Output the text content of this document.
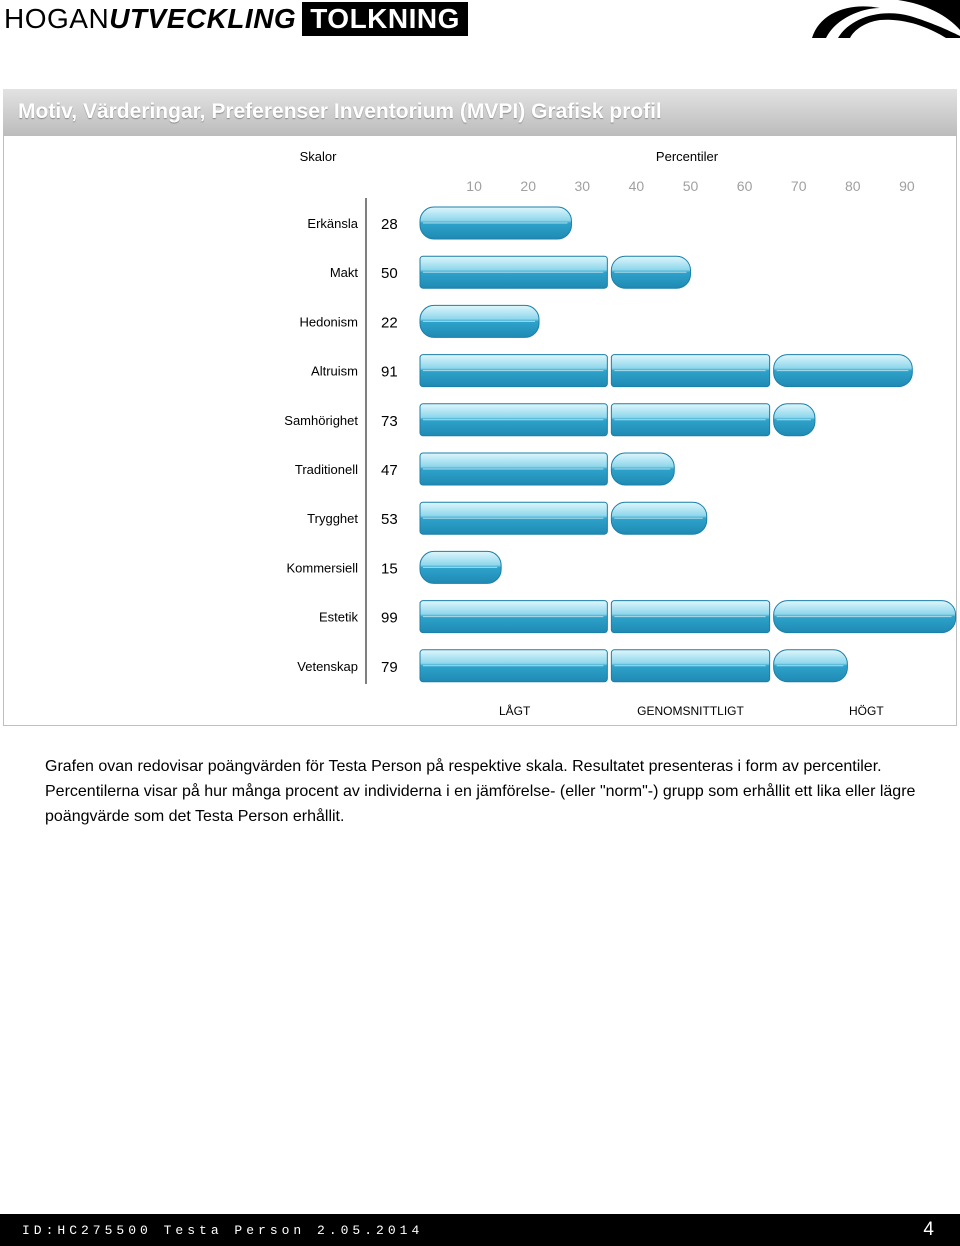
HOGANUTVECKLING TOLKNING
Motiv, Värderingar, Preferenser Inventorium (MVPI) Grafisk profil
Skalor	Percentiler
10	20	30	40	50	60	70	80	90
Erkänsla 28
Makt 50
Hedonism 22
Altruism 91
Samhörighet 73
Traditionell 47
Trygghet 53
Kommersiell 15
Estetik 99
Vetenskap 79
LÅGT	GENOMSNITTLIGT	HÖGT
Grafen ovan redovisar poängvärden för Testa Person på respektive skala. Resultatet presenteras i form av percentiler. Percentilerna visar på hur många procent av individerna i en jämförelse- (eller "norm"-) grupp som erhållit ett lika eller lägre poängvärde som det Testa Person erhållit.
ID:HC275500 Testa Person 2.05.2014	4
